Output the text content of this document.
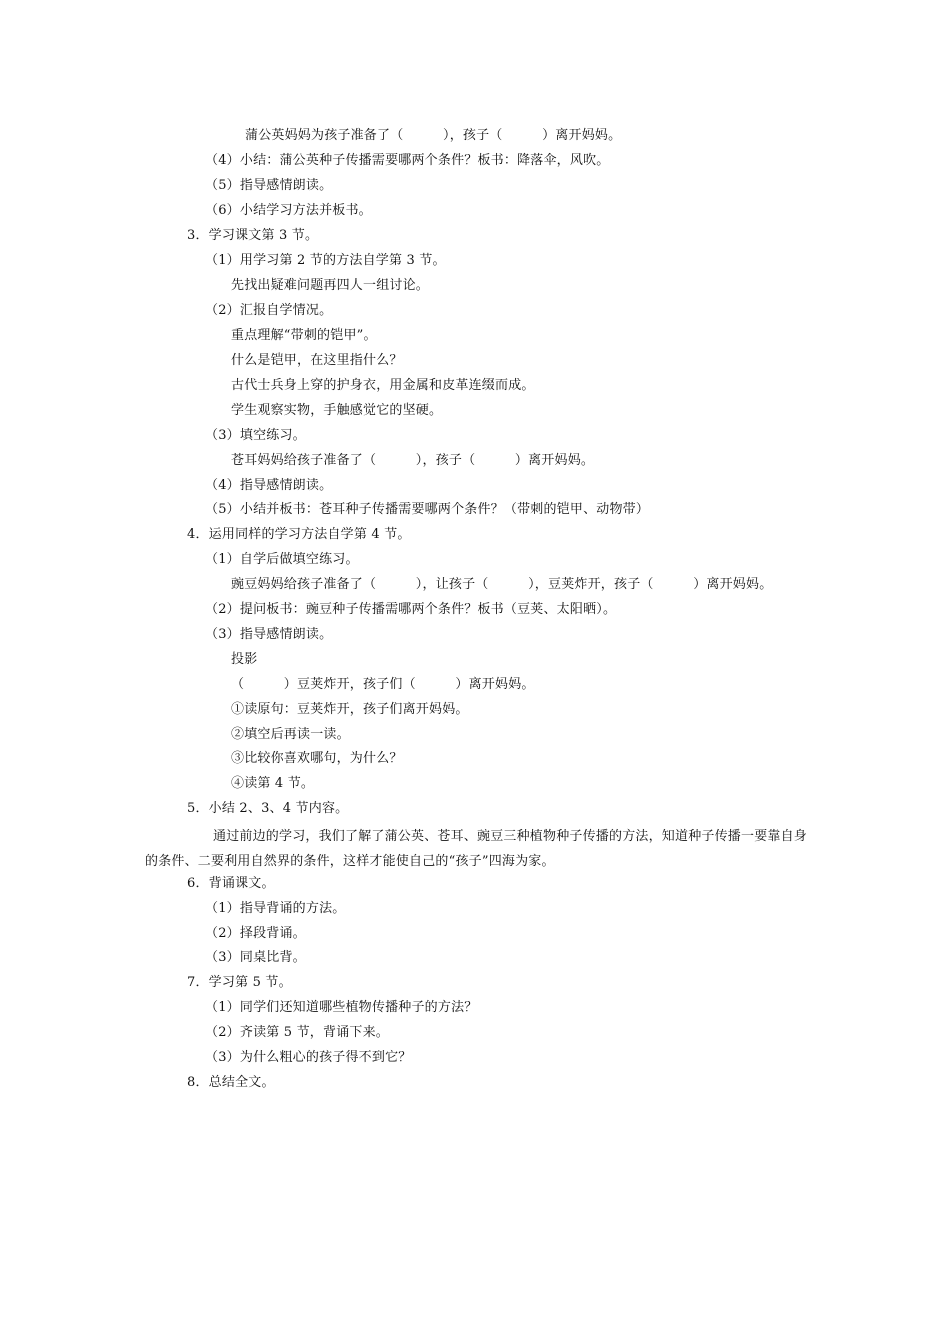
蒲公英妈妈为孩子准备了（　　　），孩子（　　　）离开妈妈。
（4）小结：蒲公英种子传播需要哪两个条件？板书：降落伞，风吹。
（5）指导感情朗读。
（6）小结学习方法并板书。
3．学习课文第 3 节。
（1）用学习第 2 节的方法自学第 3 节。
先找出疑难问题再四人一组讨论。
（2）汇报自学情况。
重点理解“带刺的铠甲”。
什么是铠甲，在这里指什么？
古代士兵身上穿的护身衣，用金属和皮革连缀而成。
学生观察实物，手触感觉它的坚硬。
（3）填空练习。
苍耳妈妈给孩子准备了（　　　），孩子（　　　）离开妈妈。
（4）指导感情朗读。
（5）小结并板书：苍耳种子传播需要哪两个条件？（带刺的铠甲、动物带）
4．运用同样的学习方法自学第 4 节。
（1）自学后做填空练习。
豌豆妈妈给孩子准备了（　　　），让孩子（　　　），豆荚炸开，孩子（　　　）离开妈妈。
（2）提问板书：豌豆种子传播需哪两个条件？板书（豆荚、太阳晒）。
（3）指导感情朗读。
投影
（　　　）豆荚炸开，孩子们（　　　）离开妈妈。
①读原句：豆荚炸开，孩子们离开妈妈。
②填空后再读一读。
③比较你喜欢哪句，为什么？
④读第 4 节。
5．小结 2、3、4 节内容。
通过前边的学习，我们了解了蒲公英、苍耳、豌豆三种植物种子传播的方法，知道种子传播一要靠自身的条件、二要利用自然界的条件，这样才能使自己的“孩子”四海为家。
6．背诵课文。
（1）指导背诵的方法。
（2）择段背诵。
（3）同桌比背。
7．学习第 5 节。
（1）同学们还知道哪些植物传播种子的方法？
（2）齐读第 5 节，背诵下来。
（3）为什么粗心的孩子得不到它？
8．总结全文。
